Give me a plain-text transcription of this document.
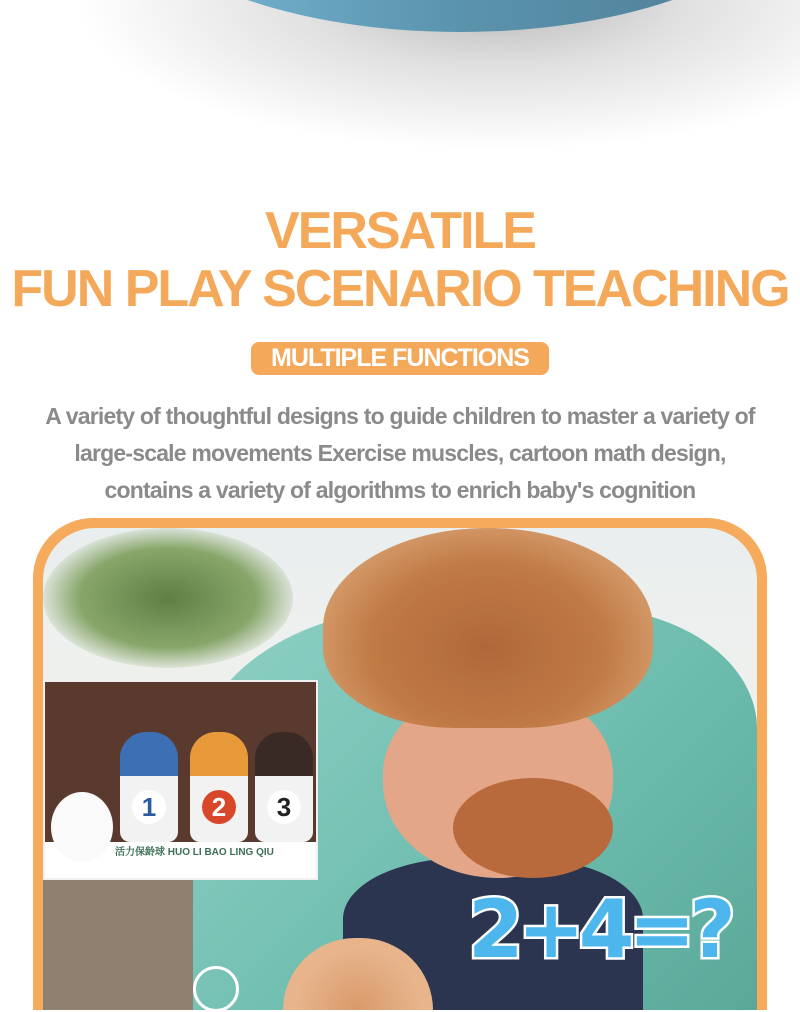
VERSATILE
FUN PLAY SCENARIO TEACHING
MULTIPLE FUNCTIONS
A variety of thoughtful designs to guide children to master a variety of
large-scale movements Exercise muscles, cartoon math design,
contains a variety of algorithms to enrich baby's cognition
1	2	3
活力保龄球 HUO LI BAO LING QIU
2+4=?
